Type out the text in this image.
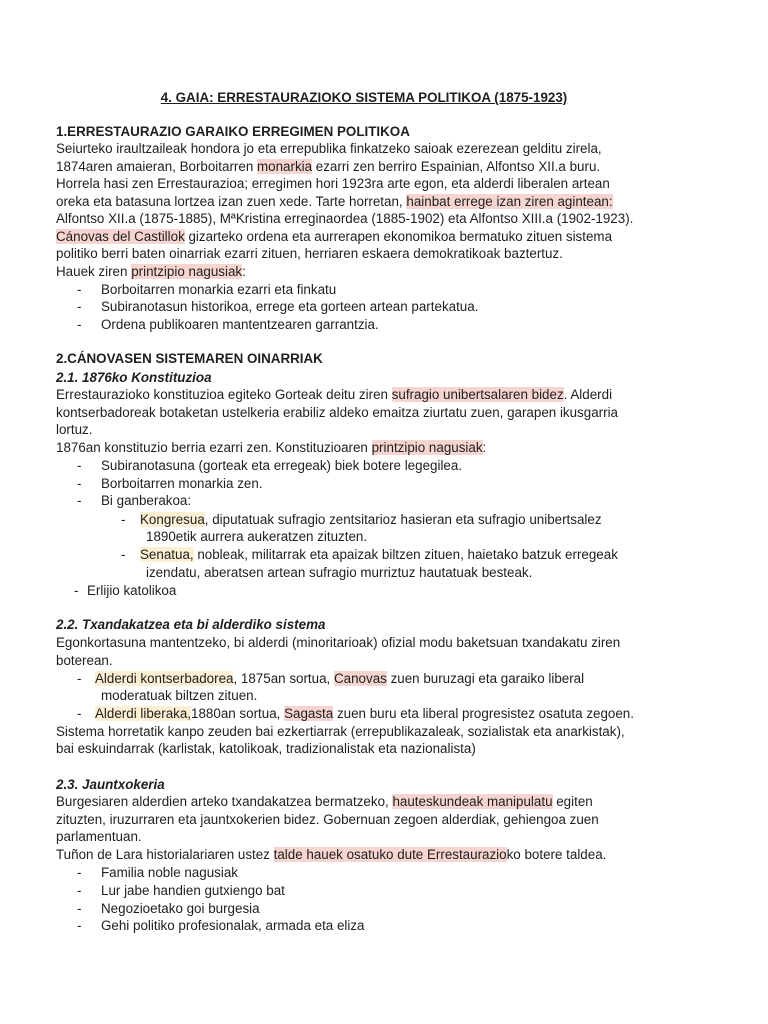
4. GAIA: ERRESTAURAZIOKO SISTEMA POLITIKOA (1875-1923)
1.ERRESTAURAZIO GARAIKO ERREGIMEN POLITIKOA
Seiurteko iraultzaileak hondora jo eta errepublika finkatzeko saioak ezerezean gelditu zirela,
1874aren amaieran, Borboitarren monarkia ezarri zen berriro Espainian, Alfontso XII.a buru.
Horrela hasi zen Errestaurazioa; erregimen hori 1923ra arte egon, eta alderdi liberalen artean
oreka eta batasuna lortzea izan zuen xede. Tarte horretan, hainbat errege izan ziren agintean:
Alfontso XII.a (1875-1885), MªKristina erreginaordea (1885-1902) eta Alfontso XIII.a (1902-1923).
Cánovas del Castillok gizarteko ordena eta aurrerapen ekonomikoa bermatuko zituen sistema
politiko berri baten oinarriak ezarri zituen, herriaren eskaera demokratikoak baztertuz.
Hauek ziren printzipio nagusiak:
- Borboitarren monarkia ezarri eta finkatu
- Subiranotasun historikoa, errege eta gorteen artean partekatua.
- Ordena publikoaren mantentzearen garrantzia.
2.CÁNOVASEN SISTEMAREN OINARRIAK
2.1. 1876ko Konstituzioa
Errestaurazioko konstituzioa egiteko Gorteak deitu ziren sufragio unibertsalaren bidez. Alderdi
kontserbadoreak botaketan ustelkeria erabiliz aldeko emaitza ziurtatu zuen, garapen ikusgarria
lortuz.
1876an konstituzio berria ezarri zen. Konstituzioaren printzipio nagusiak:
- Subiranotasuna (gorteak eta erregeak) biek botere legegilea.
- Borboitarren monarkia zen.
- Bi ganberakoa:
- Kongresua, diputatuak sufragio zentsitarioz hasieran eta sufragio unibertsalez
1890etik aurrera aukeratzen zituzten.
- Senatua, nobleak, militarrak eta apaizak biltzen zituen, haietako batzuk erregeak
izendatu, aberatsen artean sufragio murriztuz hautatuak besteak.
- Erlijio katolikoa
2.2. Txandakatzea eta bi alderdiko sistema
Egonkortasuna mantentzeko, bi alderdi (minoritarioak) ofizial modu baketsuan txandakatu ziren
boterean.
- Alderdi kontserbadorea, 1875an sortua, Canovas zuen buruzagi eta garaiko liberal
moderatuak biltzen zituen.
- Alderdi liberaka,1880an sortua, Sagasta zuen buru eta liberal progresistez osatuta zegoen.
Sistema horretatik kanpo zeuden bai ezkertiarrak (errepublikazaleak, sozialistak eta anarkistak),
bai eskuindarrak (karlistak, katolikoak, tradizionalistak eta nazionalista)
2.3. Jauntxokeria
Burgesiaren alderdien arteko txandakatzea bermatzeko, hauteskundeak manipulatu egiten
zituzten, iruzurraren eta jauntxokerien bidez. Gobernuan zegoen alderdiak, gehiengoa zuen
parlamentuan.
Tuñon de Lara historialariaren ustez talde hauek osatuko dute Errestaurazioko botere taldea.
- Familia noble nagusiak
- Lur jabe handien gutxiengo bat
- Negozioetako goi burgesia
- Gehi politiko profesionalak, armada eta eliza
